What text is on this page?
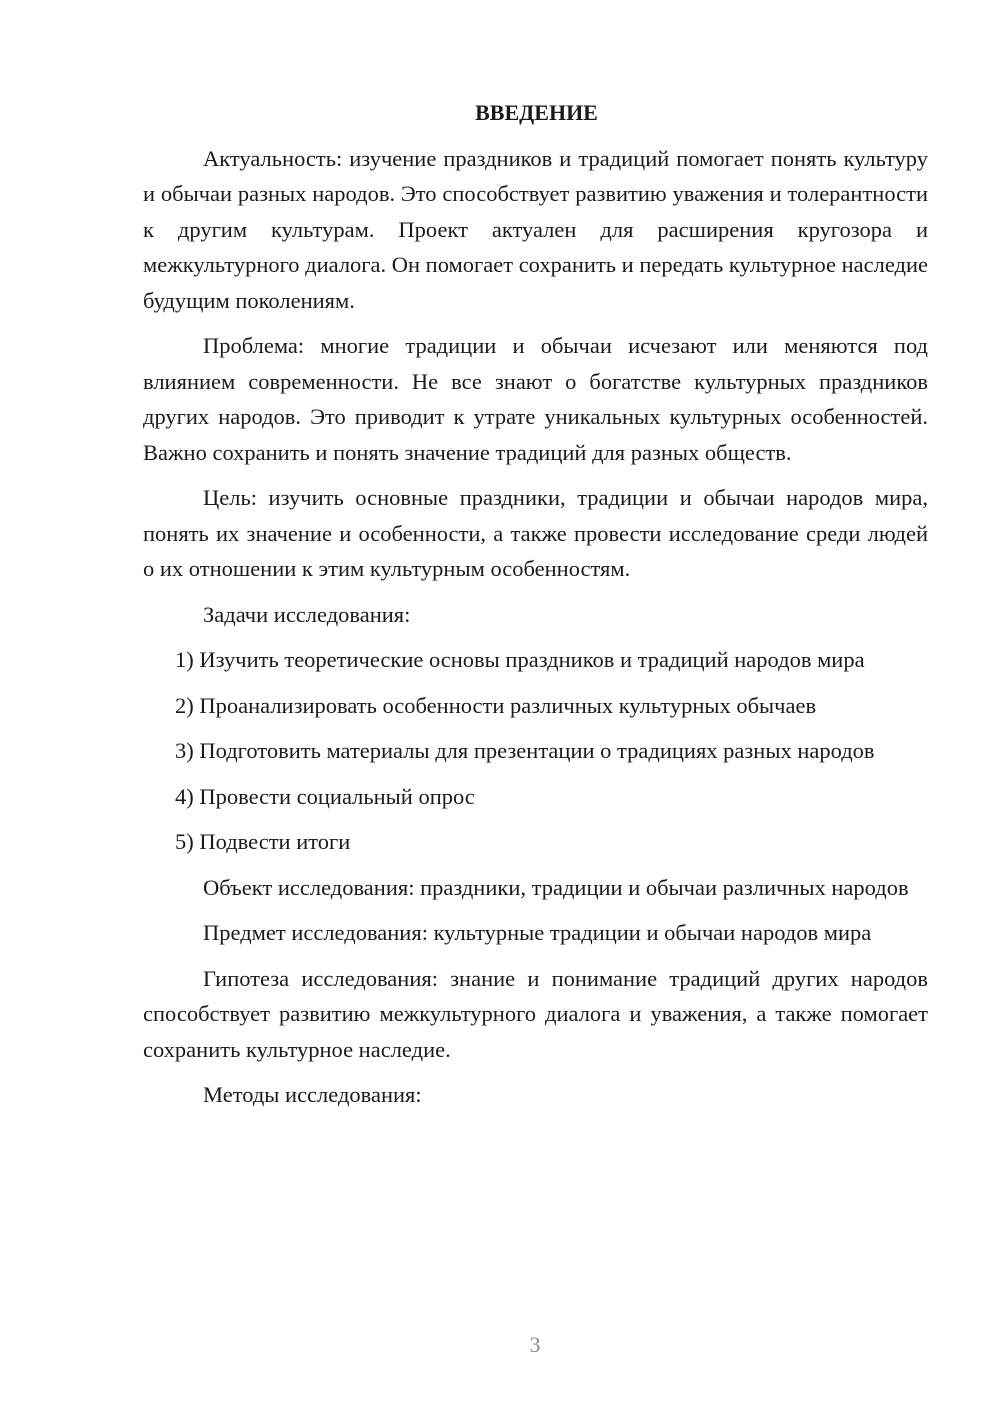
ВВЕДЕНИЕ

Актуальность: изучение праздников и традиций помогает понять культуру и обычаи разных народов. Это способствует развитию уважения и толерантности к другим культурам. Проект актуален для расширения кругозора и межкультурного диалога. Он помогает сохранить и передать культурное наследие будущим поколениям.

Проблема: многие традиции и обычаи исчезают или меняются под влиянием современности. Не все знают о богатстве культурных праздников других народов. Это приводит к утрате уникальных культурных особенностей. Важно сохранить и понять значение традиций для разных обществ.

Цель: изучить основные праздники, традиции и обычаи народов мира, понять их значение и особенности, а также провести исследование среди людей о их отношении к этим культурным особенностям.

Задачи исследования:

1) Изучить теоретические основы праздников и традиций народов мира

2) Проанализировать особенности различных культурных обычаев

3) Подготовить материалы для презентации о традициях разных народов

4) Провести социальный опрос

5) Подвести итоги

Объект исследования: праздники, традиции и обычаи различных народов

Предмет исследования: культурные традиции и обычаи народов мира

Гипотеза исследования: знание и понимание традиций других народов способствует развитию межкультурного диалога и уважения, а также помогает сохранить культурное наследие.

Методы исследования:

3
